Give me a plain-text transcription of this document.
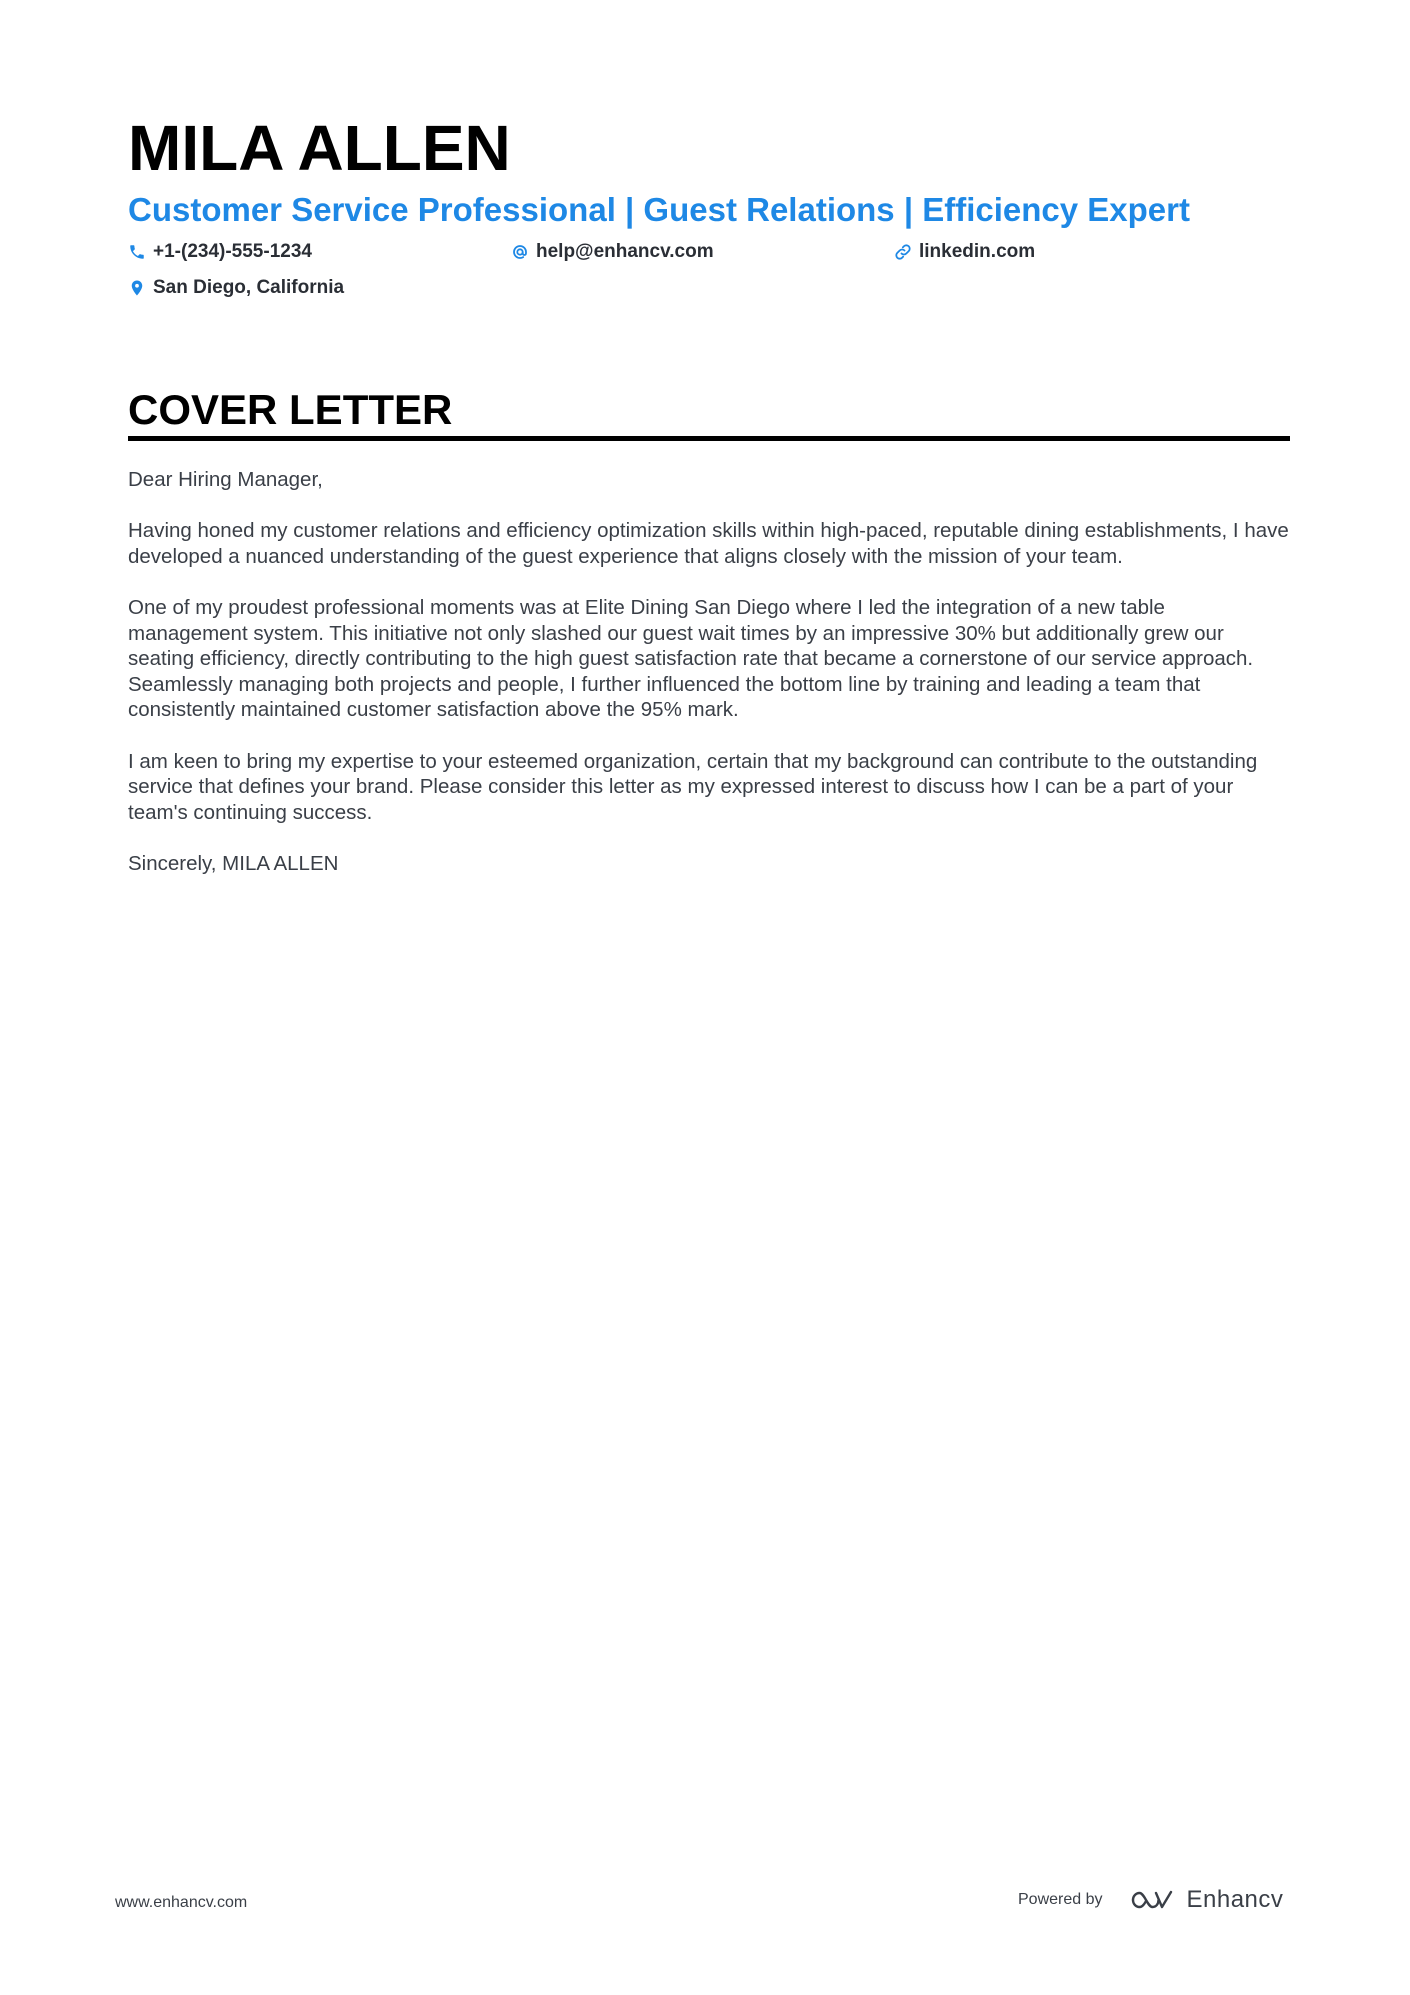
MILA ALLEN
Customer Service Professional | Guest Relations | Efficiency Expert
+1-(234)-555-1234	help@enhancv.com	linkedin.com
San Diego, California
COVER LETTER

Dear Hiring Manager,

Having honed my customer relations and efficiency optimization skills within high-paced, reputable dining establishments, I have developed a nuanced understanding of the guest experience that aligns closely with the mission of your team.

One of my proudest professional moments was at Elite Dining San Diego where I led the integration of a new table management system. This initiative not only slashed our guest wait times by an impressive 30% but additionally grew our seating efficiency, directly contributing to the high guest satisfaction rate that became a cornerstone of our service approach. Seamlessly managing both projects and people, I further influenced the bottom line by training and leading a team that consistently maintained customer satisfaction above the 95% mark.

I am keen to bring my expertise to your esteemed organization, certain that my background can contribute to the outstanding service that defines your brand. Please consider this letter as my expressed interest to discuss how I can be a part of your team's continuing success.

Sincerely, MILA ALLEN

www.enhancv.com	Powered by	Enhancv
